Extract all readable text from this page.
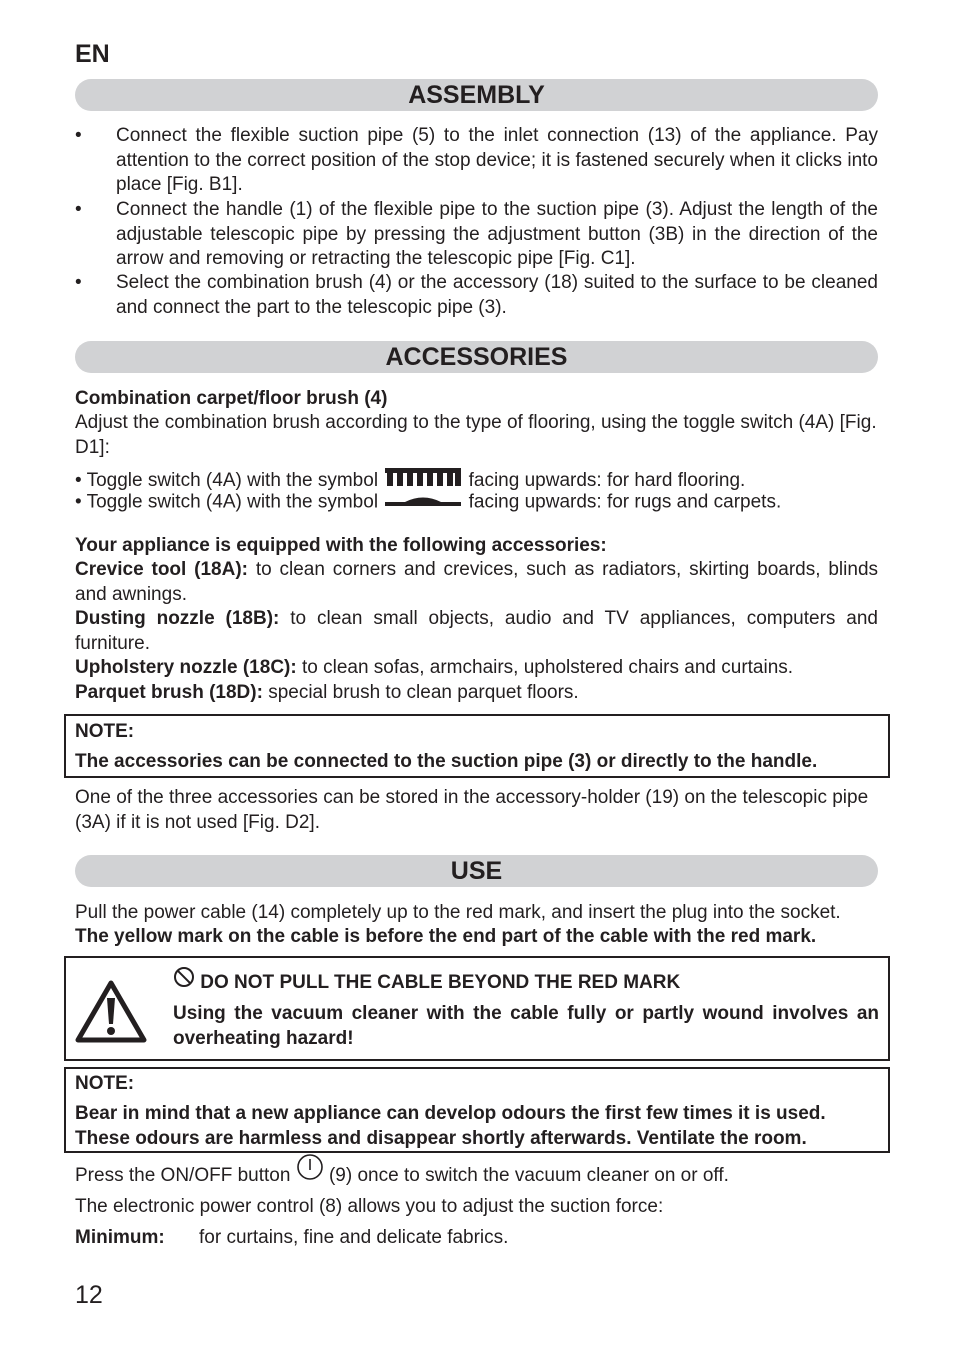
EN
ASSEMBLY
• Connect the flexible suction pipe (5) to the inlet connection (13) of the appliance. Pay attention to the correct position of the stop device; it is fastened securely when it clicks into place [Fig. B1].
• Connect the handle (1) of the flexible pipe to the suction pipe (3). Adjust the length of the adjustable telescopic pipe by pressing the adjustment button (3B) in the direction of the arrow and removing or retracting the telescopic pipe [Fig. C1].
• Select the combination brush (4) or the accessory (18) suited to the surface to be cleaned and connect the part to the telescopic pipe (3).
ACCESSORIES
Combination carpet/floor brush (4)
Adjust the combination brush according to the type of flooring, using the toggle switch (4A) [Fig. D1]:
• Toggle switch (4A) with the symbol	facing upwards: for hard flooring.
• Toggle switch (4A) with the symbol	facing upwards: for rugs and carpets.
Your appliance is equipped with the following accessories:
Crevice tool (18A): to clean corners and crevices, such as radiators, skirting boards, blinds and awnings.
Dusting nozzle (18B): to clean small objects, audio and TV appliances, computers and furniture.
Upholstery nozzle (18C): to clean sofas, armchairs, upholstered chairs and curtains.
Parquet brush (18D): special brush to clean parquet floors.
NOTE:
The accessories can be connected to the suction pipe (3) or directly to the handle.
One of the three accessories can be stored in the accessory-holder (19) on the telescopic pipe (3A) if it is not used [Fig. D2].
USE
Pull the power cable (14) completely up to the red mark, and insert the plug into the socket.
The yellow mark on the cable is before the end part of the cable with the red mark.
DO NOT PULL THE CABLE BEYOND THE RED MARK
Using the vacuum cleaner with the cable fully or partly wound involves an overheating hazard!
NOTE:
Bear in mind that a new appliance can develop odours the first few times it is used. These odours are harmless and disappear shortly afterwards. Ventilate the room.
Press the ON/OFF button (9) once to switch the vacuum cleaner on or off.
The electronic power control (8) allows you to adjust the suction force:
Minimum: for curtains, fine and delicate fabrics.
12
